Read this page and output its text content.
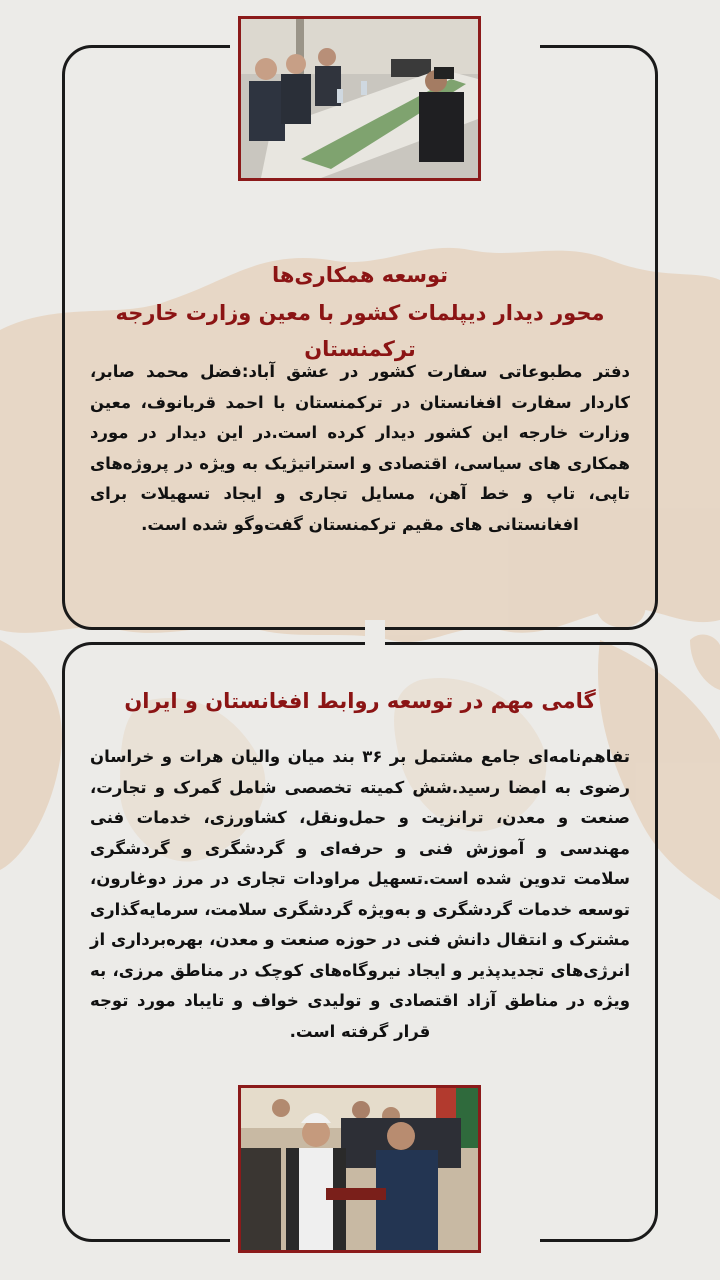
توسعه همکاری‌ها
محور دیدار دیپلمات کشور با معین وزارت خارجه ترکمنستان
دفتر مطبوعاتی سفارت کشور در عشق آباد:فضل محمد صابر، کاردار سفارت افغانستان در ترکمنستان با احمد قربانوف، معین وزارت خارجه این کشور دیدار کرده است.در این دیدار در مورد همکاری های سیاسی، اقتصادی و استراتیژیک به ویژه در پروژه‌های تاپی، تاپ و خط آهن، مسایل تجاری و ایجاد تسهیلات برای افغانستانی های مقیم ترکمنستان گفت‌وگو شده است.
گامی مهم در توسعه روابط افغانستان و ایران
تفاهم‌نامه‌ای جامع مشتمل بر ۳۶ بند میان والیان هرات و خراسان رضوی به امضا رسید.شش کمیته تخصصی شامل گمرک و تجارت، صنعت و معدن، ترانزیت و حمل‌ونقل، کشاورزی، خدمات فنی مهندسی و آموزش فنی و حرفه‌ای و گردشگری و گردشگری سلامت تدوین شده است.تسهیل مراودات تجاری در مرز دوغارون، توسعه خدمات گردشگری و به‌ویژه گردشگری سلامت، سرمایه‌گذاری مشترک و انتقال دانش فنی در حوزه صنعت و معدن، بهره‌برداری از انرژی‌های تجدیدپذیر و ایجاد نیروگاه‌های کوچک در مناطق مرزی، به ویژه در مناطق آزاد اقتصادی و تولیدی خواف و تایباد مورد توجه قرار گرفته است.
